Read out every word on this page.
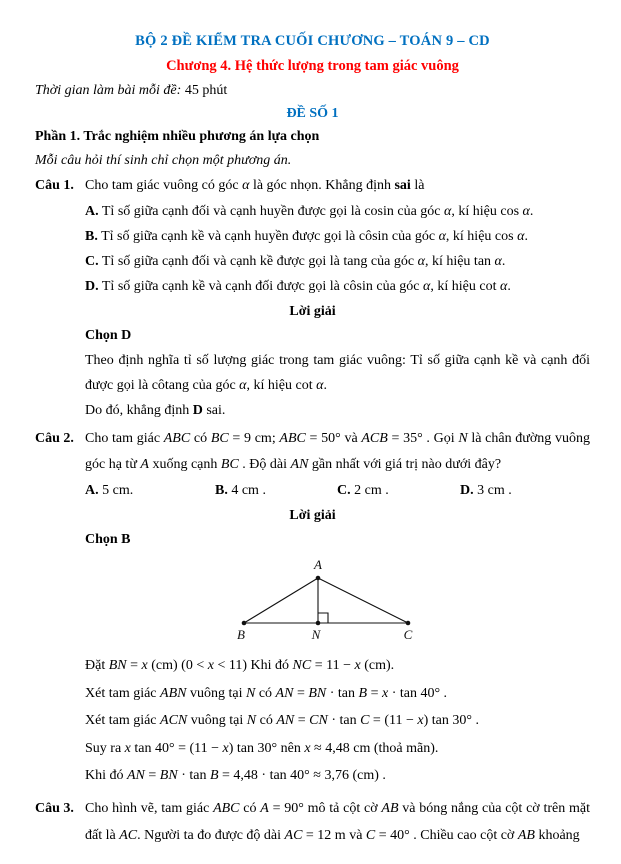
BỘ 2 ĐỀ KIỂM TRA CUỐI CHƯƠNG – TOÁN 9 – CD
Chương 4. Hệ thức lượng trong tam giác vuông
Thời gian làm bài mỗi đề: 45 phút
ĐỀ SỐ 1
Phần 1. Trắc nghiệm nhiều phương án lựa chọn
Mỗi câu hỏi thí sinh chỉ chọn một phương án.
Câu 1. Cho tam giác vuông có góc α là góc nhọn. Khẳng định sai là
A. Tỉ số giữa cạnh đối và cạnh huyền được gọi là cosin của góc α, kí hiệu cos α.
B. Tỉ số giữa cạnh kề và cạnh huyền được gọi là côsin của góc α, kí hiệu cos α.
C. Tỉ số giữa cạnh đối và cạnh kề được gọi là tang của góc α, kí hiệu tan α.
D. Tỉ số giữa cạnh kề và cạnh đối được gọi là côsin của góc α, kí hiệu cot α.
Lời giải
Chọn D
Theo định nghĩa tỉ số lượng giác trong tam giác vuông: Tỉ số giữa cạnh kề và cạnh đối được gọi là côtang của góc α, kí hiệu cot α.
Do đó, khẳng định D sai.
Câu 2. Cho tam giác ABC có BC = 9 cm; ABC = 50° và ACB = 35° . Gọi N là chân đường vuông góc hạ từ A xuống cạnh BC . Độ dài AN gần nhất với giá trị nào dưới đây?
A. 5 cm.	B. 4 cm .	C. 2 cm .	D. 3 cm .
Lời giải
Chọn B
A
B	N	C
Đặt BN = x (cm) (0 < x < 11) Khi đó NC = 11 − x (cm).
Xét tam giác ABN vuông tại N có AN = BN · tan B = x · tan 40° .
Xét tam giác ACN vuông tại N có AN = CN · tan C = (11 − x) tan 30° .
Suy ra x tan 40° = (11 − x) tan 30° nên x ≈ 4,48 cm (thoả mãn).
Khi đó AN = BN · tan B = 4,48 · tan 40° ≈ 3,76 (cm) .
Câu 3. Cho hình vẽ, tam giác ABC có A = 90° mô tả cột cờ AB và bóng nắng của cột cờ trên mặt đất là AC. Người ta đo được độ dài AC = 12 m và C = 40° . Chiều cao cột cờ AB khoảng
